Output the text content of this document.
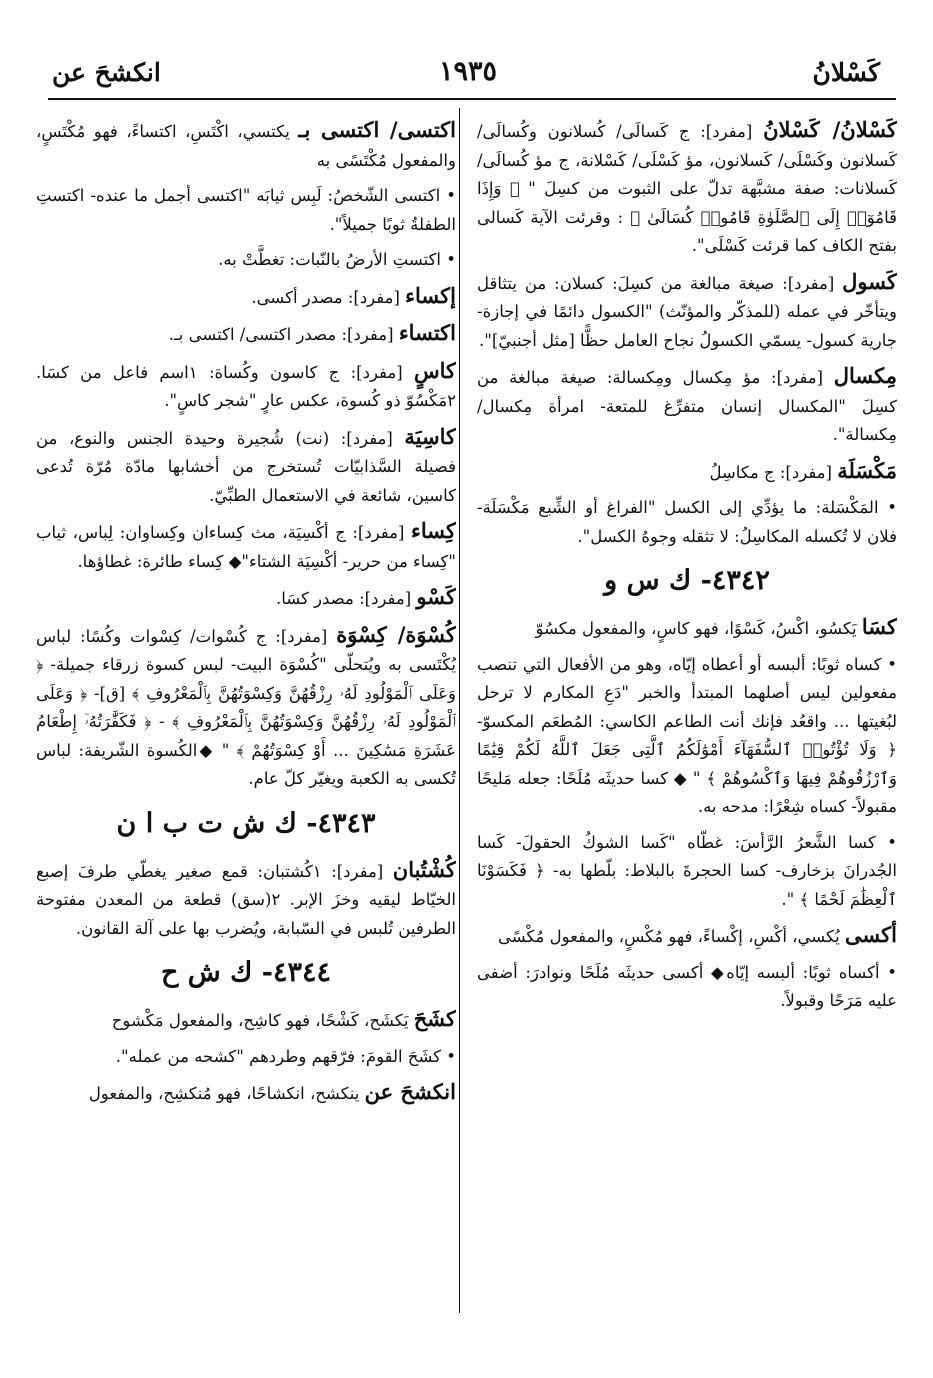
كَسْلانُ
١٩٣٥
انكشحَ عن

كَسْلانُ/ كَسْلانُ [مفرد]: ج كَسالَى/ كُسلانون وكُسالَى/ كَسلانون وكَسْلَى/ كَسلانون، مؤ كَسْلَى/ كَسْلانة، ج مؤ كُسالَى/ كَسلانات: صفة مشبَّهة تدلّ على الثبوت من كسِلَ " ﴿ وَإِذَا قَامُوٓا۟ إِلَى ٱلصَّلَوٰةِ قَامُوا۟ كُسَالَىٰ ﴾ : وقرئت الآية كَسالى بفتح الكاف كما قرئت كَسْلَى".

كَسول [مفرد]: صيغة مبالغة من كسِلَ: كسلان: من يتثاقل ويتأخّر في عمله (للمذكّر والمؤنّث) "الكسول دائمًا في إجازة- جارية كسول- يسمّي الكسولُ نجاح العامل حظًّا [مثل أجنبيّ]".

مِكسال [مفرد]: مؤ مِكسال ومِكسالة: صيغة مبالغة من كسِلَ "المكسال إنسان متفرِّغ للمتعة- امرأة مِكسال/ مِكسالة".

مَكْسَلَة [مفرد]: ج مكاسِلُ

• المَكْسَلة: ما يؤدِّي إلى الكسل "الفراغ أو الشِّبع مَكْسَلَة- فلان لا تُكسله المكاسِلُ: لا تثقله وجوهُ الكسل".

٤٣٤٢- ك س و

كسَا يَكسُو، اكْسُ، كَسْوًا، فهو كاسٍ، والمفعول مكسُوّ

• كساه ثوبًا: ألبسه أو أعطاه إيّاه، وهو من الأفعال التي تنصب مفعولين ليس أصلهما المبتدأ والخبر "دَعِ المكارم لا ترحل لبُغيتها ... واقعُد فإنك أنت الطاعم الكاسي: المُطعَم المكسوّ- ﴿ وَلَا تُؤْتُوا۟ ٱلسُّفَهَآءَ أَمْوَٰلَكُمُ ٱلَّتِى جَعَلَ ٱللَّهُ لَكُمْ قِيَٰمًا وَٱرْزُقُوهُمْ فِيهَا وَٱكْسُوهُمْ ﴾ " ◆ كسا حديثَه مُلَحًا: جعله مَليحًا مقبولاً- كساه شِعْرًا: مدحه به.

• كسا الشَّعرُ الرَّأسَ: غطّاه "كَسا الشوكُ الحقولَ- كَسا الجُدرانَ بزخارف- كسا الحجرةَ بالبلاط: بلّطها به- ﴿ فَكَسَوْنَا ٱلْعِظَٰمَ لَحْمًا ﴾ ".

أكسى يُكسي، أكْسِ، إكْساءً، فهو مُكْسٍ، والمفعول مُكْسًى

• أكساه ثوبًا: ألبسه إيّاه◆ أكسى حديثَه مُلَحًا ونوادرَ: أضفى عليه مَرَحًا وقبولاً.

اكتسى/ اكتسى بـ يكتسي، اكْتَسِ، اكتساءً، فهو مُكْتَسٍ، والمفعول مُكْتَسًى به

• اكتسى الشّخصُ: لَبِس ثيابَه "اكتسى أجمل ما عنده- اكتستِ الطفلةُ ثوبًا جميلاً".

• اكتستِ الأرضُ بالنّبات: تغطَّتْ به.

إكساء [مفرد]: مصدر أكسى.

اكتساء [مفرد]: مصدر اكتسى/ اكتسى بـ.

كاسٍ [مفرد]: ج كاسون وكُساة: ١اسم فاعل من كسَا. ٢مَكْسُوّ ذو كُسوة، عكس عارٍ "شجر كاسٍ".

كاسِيَة [مفرد]: (نت) شُجيرة وحيدة الجنس والنوع، من فصيلة السَّذابيّات تُستخرج من أخشابها مادّة مُرّة تُدعى كاسين، شائعة في الاستعمال الطبِّيّ.

كِساء [مفرد]: ج أكْسِيَة، مث كِساءان وكِساوان: لِباس، ثياب "كِساء من حرير- أكْسِيَة الشتاء"◆ كِساء طائرة: غطاؤها.

كَسْو [مفرد]: مصدر كسَا.

كُسْوَة/ كِسْوَة [مفرد]: ج كُسْوات/ كِسْوات وكُسًا: لباس يُكْتَسى به ويُتحلّى "كُسْوَة البيت- لبس كسوة زرقاء جميلة- ﴿ وَعَلَى ٱلْمَوْلُودِ لَهُۥ رِزْقُهُنَّ وَكِسْوَتُهُنَّ بِٱلْمَعْرُوفِ ﴾ [ق]- ﴿ وَعَلَى ٱلْمَوْلُودِ لَهُۥ رِزْقُهُنَّ وَكِسْوَتُهُنَّ بِٱلْمَعْرُوفِ ﴾ - ﴿ فَكَفَّٰرَتُهُۥٓ إِطْعَامُ عَشَرَةِ مَسَٰكِينَ ... أَوْ كِسْوَتُهُمْ ﴾ " ◆الكُسوة الشّريفة: لباس تُكسى به الكعبة ويغيّر كلّ عام.

٤٣٤٣- ك ش ت ب ا ن

كُشْتُبان [مفرد]: ١كُشتبان: قمع صغير يغطّي طرفَ إصبع الخيّاط ليقيه وخزَ الإبر. ٢(سق) قطعة من المعدن مفتوحة الطرفين تُلبس في السّبابة، ويُضرب بها على آلة القانون.

٤٣٤٤- ك ش ح

كشَحَ يَكشَح، كَشْحًا، فهو كاشِح، والمفعول مَكْشوح

• كشَحَ القومَ: فرّقهم وطردهم "كشحه من عمله".

انكشحَ عن ينكشح، انكشاحًا، فهو مُنكشِح، والمفعول
